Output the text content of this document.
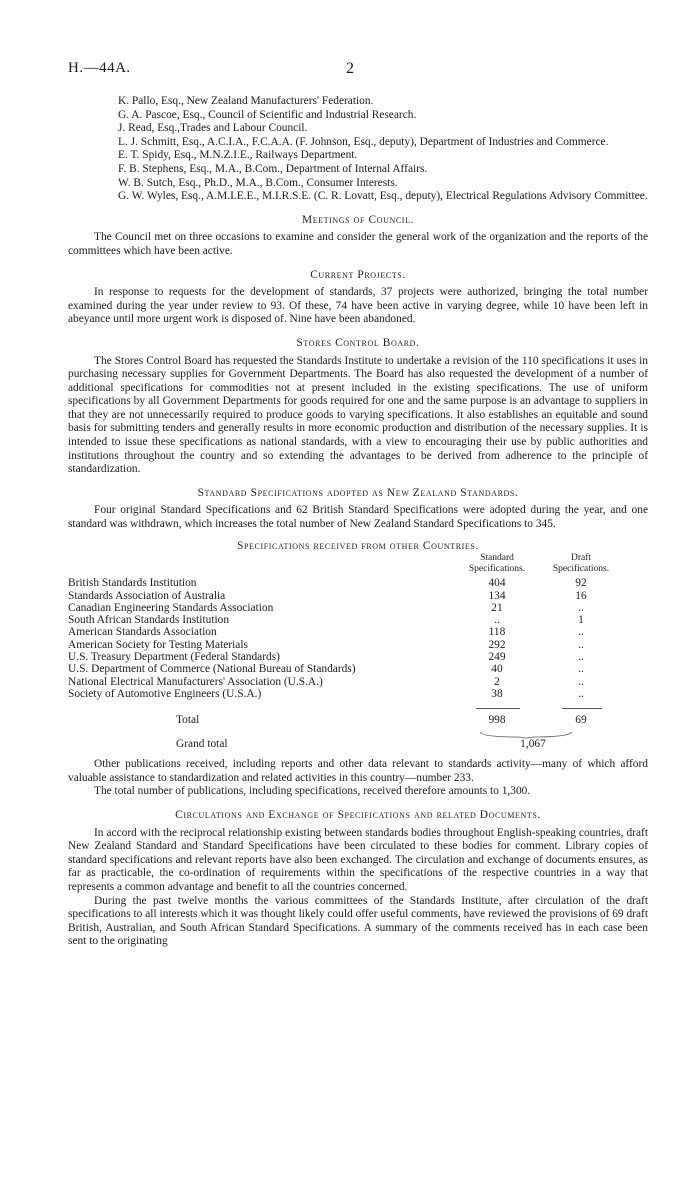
H.—44A.	2
K. Pallo, Esq., New Zealand Manufacturers' Federation.
G. A. Pascoe, Esq., Council of Scientific and Industrial Research.
J. Read, Esq.,Trades and Labour Council.
L. J. Schmitt, Esq., A.C.I.A., F.C.A.A. (F. Johnson, Esq., deputy), Department of Industries and Commerce.
E. T. Spidy, Esq., M.N.Z.I.E., Railways Department.
F. B. Stephens, Esq., M.A., B.Com., Department of Internal Affairs.
W. B. Sutch, Esq., Ph.D., M.A., B.Com., Consumer Interests.
G. W. Wyles, Esq., A.M.I.E.E., M.I.R.S.E. (C. R. Lovatt, Esq., deputy), Electrical Regulations Advisory Committee.
Meetings of Council.

The Council met on three occasions to examine and consider the general work of the organization and the reports of the committees which have been active.

Current Projects.

In response to requests for the development of standards, 37 projects were authorized, bringing the total number examined during the year under review to 93. Of these, 74 have been active in varying degree, while 10 have been left in abeyance until more urgent work is disposed of. Nine have been abandoned.

Stores Control Board.

The Stores Control Board has requested the Standards Institute to undertake a revision of the 110 specifications it uses in purchasing necessary supplies for Government Departments. The Board has also requested the development of a number of additional specifications for commodities not at present included in the existing specifications. The use of uniform specifications by all Government Departments for goods required for one and the same purpose is an advantage to suppliers in that they are not unnecessarily required to produce goods to varying specifications. It also establishes an equitable and sound basis for submitting tenders and generally results in more economic production and distribution of the necessary supplies. It is intended to issue these specifications as national standards, with a view to encouraging their use by public authorities and institutions throughout the country and so extending the advantages to be derived from adherence to the principle of standardization.

Standard Specifications adopted as New Zealand Standards.

Four original Standard Specifications and 62 British Standard Specifications were adopted during the year, and one standard was withdrawn, which increases the total number of New Zealand Standard Specifications to 345.

Specifications received from other Countries.
Standard Specifications.
Draft Specifications.
British Standards Institution	404	92
Standards Association of Australia	134	16
Canadian Engineering Standards Association	21	..
South African Standards Institution	..	1
American Standards Association	118	..
American Society for Testing Materials	292	..
U.S. Treasury Department (Federal Standards)	249	..
U.S. Department of Commerce (National Bureau of Standards)	40	..
National Electrical Manufacturers' Association (U.S.A.)	2	..
Society of Automotive Engineers (U.S.A.)	38	..
Total	998	69
Grand total	1,067

Other publications received, including reports and other data relevant to standards activity—many of which afford valuable assistance to standardization and related activities in this country—number 233.

The total number of publications, including specifications, received therefore amounts to 1,300.

Circulations and Exchange of Specifications and related Documents.

In accord with the reciprocal relationship existing between standards bodies throughout English-speaking countries, draft New Zealand Standard and Standard Specifications have been circulated to these bodies for comment. Library copies of standard specifications and relevant reports have also been exchanged. The circulation and exchange of documents ensures, as far as practicable, the co-ordination of requirements within the specifications of the respective countries in a way that represents a common advantage and benefit to all the countries concerned.

During the past twelve months the various committees of the Standards Institute, after circulation of the draft specifications to all interests which it was thought likely could offer useful comments, have reviewed the provisions of 69 draft British, Australian, and South African Standard Specifications. A summary of the comments received has in each case been sent to the originating
